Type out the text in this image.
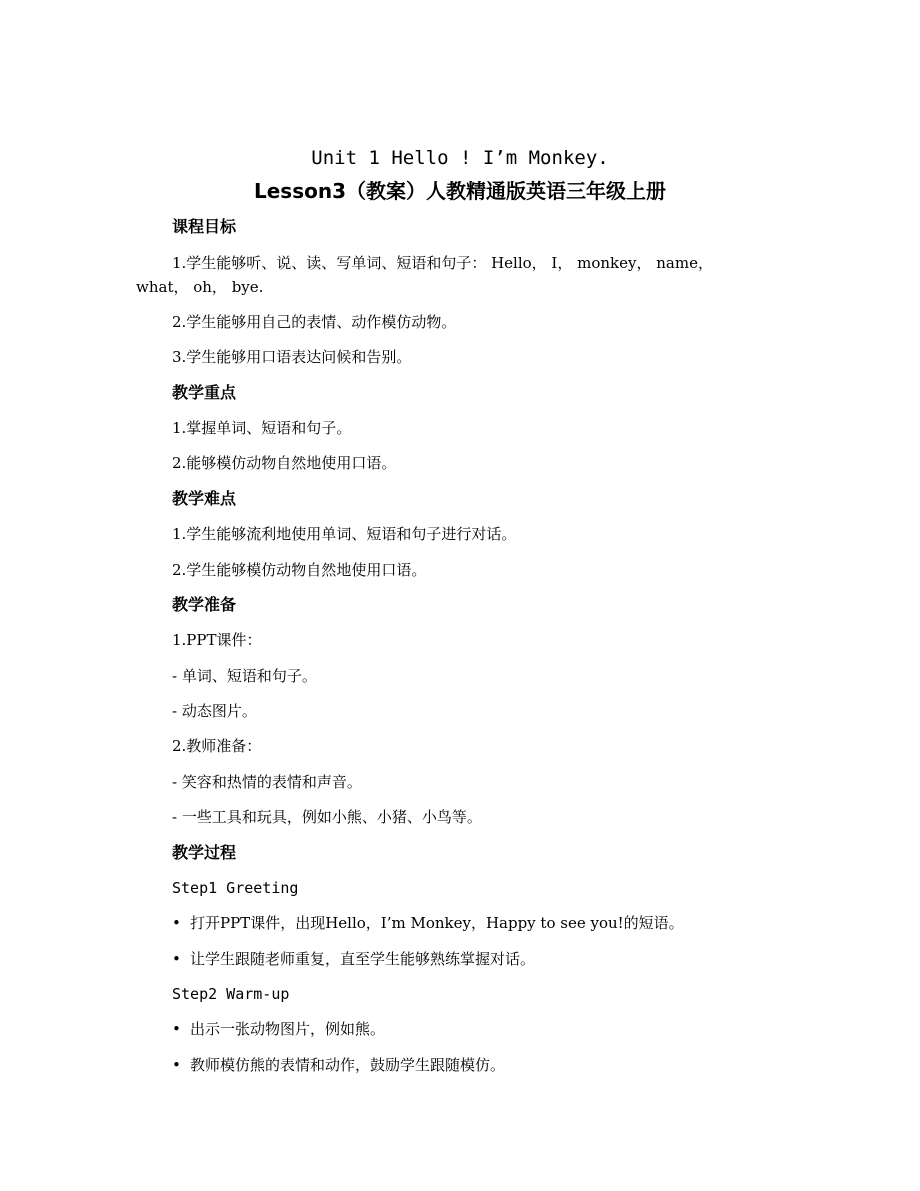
Unit 1 Hello ! I’m Monkey.
Lesson3（教案）人教精通版英语三年级上册
课程目标
1.学生能够听、说、读、写单词、短语和句子： Hello， I， monkey， name，
what， oh， bye.
2.学生能够用自己的表情、动作模仿动物。
3.学生能够用口语表达问候和告别。
教学重点
1.掌握单词、短语和句子。
2.能够模仿动物自然地使用口语。
教学难点
1.学生能够流利地使用单词、短语和句子进行对话。
2.学生能够模仿动物自然地使用口语。
教学准备
1.PPT课件：
- 单词、短语和句子。
- 动态图片。
2.教师准备：
- 笑容和热情的表情和声音。
- 一些工具和玩具，例如小熊、小猪、小鸟等。
教学过程
Step1 Greeting
• 打开PPT课件，出现Hello，I’m Monkey，Happy to see you!的短语。
• 让学生跟随老师重复，直至学生能够熟练掌握对话。
Step2 Warm-up
• 出示一张动物图片，例如熊。
• 教师模仿熊的表情和动作，鼓励学生跟随模仿。
